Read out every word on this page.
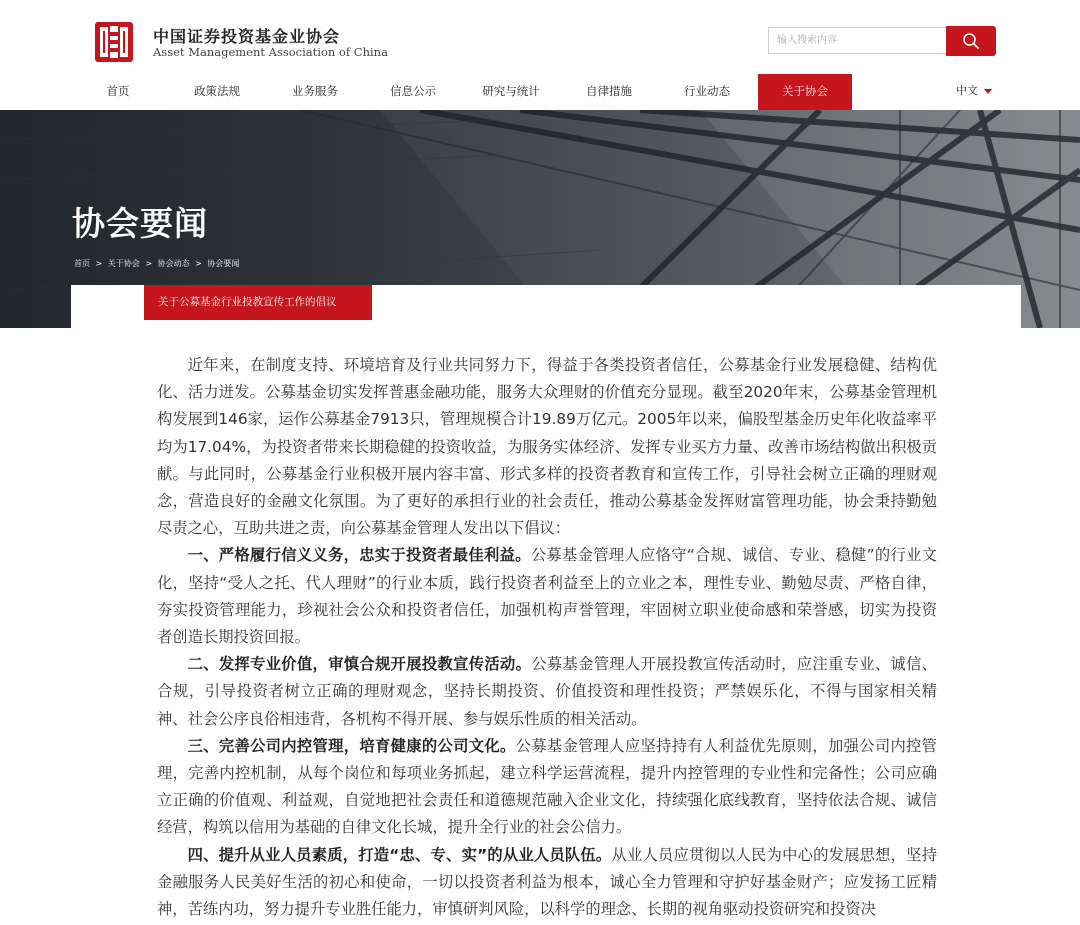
中国证券投资基金业协会
Asset Management Association of China
输入搜索内容
首页	政策法规	业务服务	信息公示	研究与统计	自律措施	行业动态	关于协会	中文
协会要闻
首页 > 关于协会 > 协会动态 > 协会要闻
关于公募基金行业投教宣传工作的倡议

近年来，在制度支持、环境培育及行业共同努力下，得益于各类投资者信任，公募基金行业发展稳健、结构优化、活力迸发。公募基金切实发挥普惠金融功能，服务大众理财的价值充分显现。截至2020年末，公募基金管理机构发展到146家，运作公募基金7913只，管理规模合计19.89万亿元。2005年以来，偏股型基金历史年化收益率平均为17.04%，为投资者带来长期稳健的投资收益，为服务实体经济、发挥专业买方力量、改善市场结构做出积极贡献。与此同时，公募基金行业积极开展内容丰富、形式多样的投资者教育和宣传工作，引导社会树立正确的理财观念，营造良好的金融文化氛围。为了更好的承担行业的社会责任，推动公募基金发挥财富管理功能，协会秉持勤勉尽责之心，互助共进之责，向公募基金管理人发出以下倡议：

一、严格履行信义义务，忠实于投资者最佳利益。公募基金管理人应恪守“合规、诚信、专业、稳健”的行业文化，坚持“受人之托、代人理财”的行业本质，践行投资者利益至上的立业之本，理性专业、勤勉尽责、严格自律，夯实投资管理能力，珍视社会公众和投资者信任，加强机构声誉管理，牢固树立职业使命感和荣誉感，切实为投资者创造长期投资回报。

二、发挥专业价值，审慎合规开展投教宣传活动。公募基金管理人开展投教宣传活动时，应注重专业、诚信、合规，引导投资者树立正确的理财观念，坚持长期投资、价值投资和理性投资；严禁娱乐化，不得与国家相关精神、社会公序良俗相违背，各机构不得开展、参与娱乐性质的相关活动。

三、完善公司内控管理，培育健康的公司文化。公募基金管理人应坚持持有人利益优先原则，加强公司内控管理，完善内控机制，从每个岗位和每项业务抓起，建立科学运营流程，提升内控管理的专业性和完备性；公司应确立正确的价值观、利益观，自觉地把社会责任和道德规范融入企业文化，持续强化底线教育，坚持依法合规、诚信经营，构筑以信用为基础的自律文化长城，提升全行业的社会公信力。

四、提升从业人员素质，打造“忠、专、实”的从业人员队伍。从业人员应贯彻以人民为中心的发展思想，坚持金融服务人民美好生活的初心和使命，一切以投资者利益为根本，诚心全力管理和守护好基金财产；应发扬工匠精神，苦练内功，努力提升专业胜任能力，审慎研判风险，以科学的理念、长期的视角驱动投资研究和投资决
